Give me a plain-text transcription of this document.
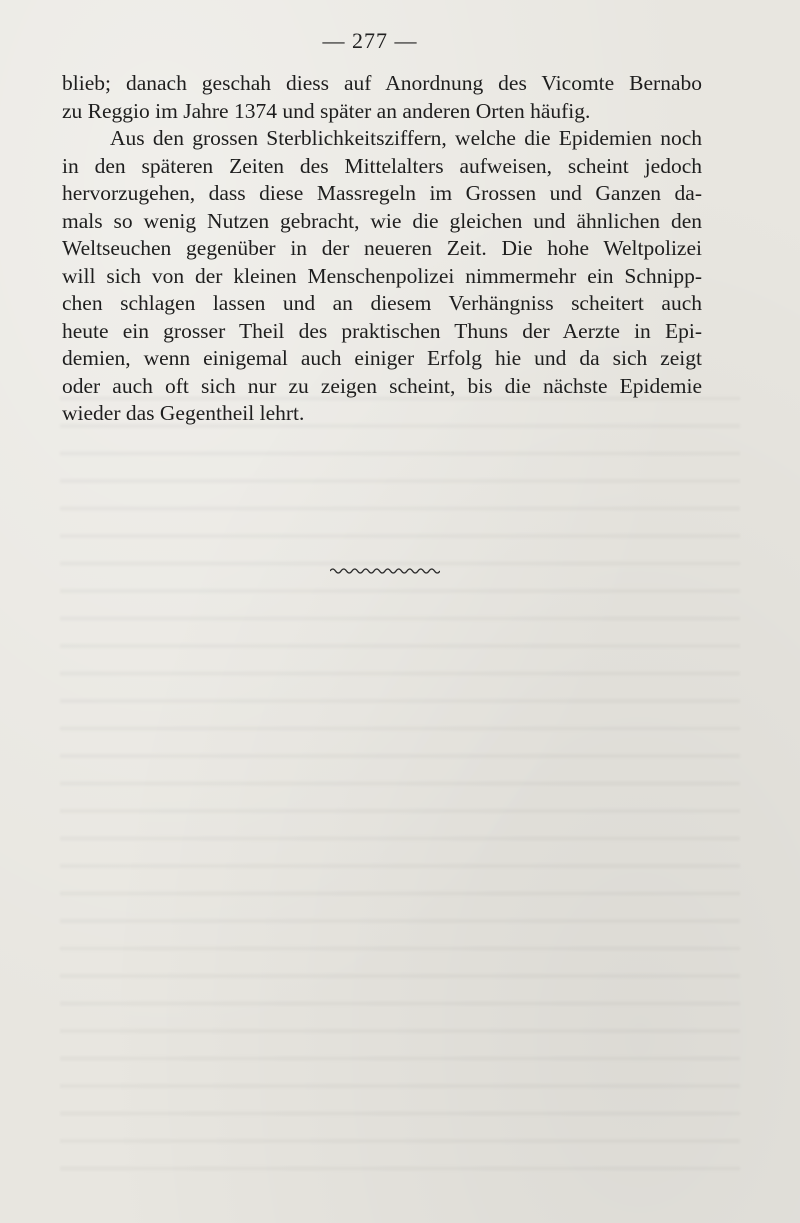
— 277 —
blieb; danach geschah diess auf Anordnung des Vicomte Bernabo
zu Reggio im Jahre 1374 und später an anderen Orten häufig.
Aus den grossen Sterblichkeitsziffern, welche die Epidemien noch
in den späteren Zeiten des Mittelalters aufweisen, scheint jedoch
hervorzugehen, dass diese Massregeln im Grossen und Ganzen da-
mals so wenig Nutzen gebracht, wie die gleichen und ähnlichen den
Weltseuchen gegenüber in der neueren Zeit. Die hohe Weltpolizei
will sich von der kleinen Menschenpolizei nimmermehr ein Schnipp-
chen schlagen lassen und an diesem Verhängniss scheitert auch
heute ein grosser Theil des praktischen Thuns der Aerzte in Epi-
demien, wenn einigemal auch einiger Erfolg hie und da sich zeigt
oder auch oft sich nur zu zeigen scheint, bis die nächste Epidemie
wieder das Gegentheil lehrt.
